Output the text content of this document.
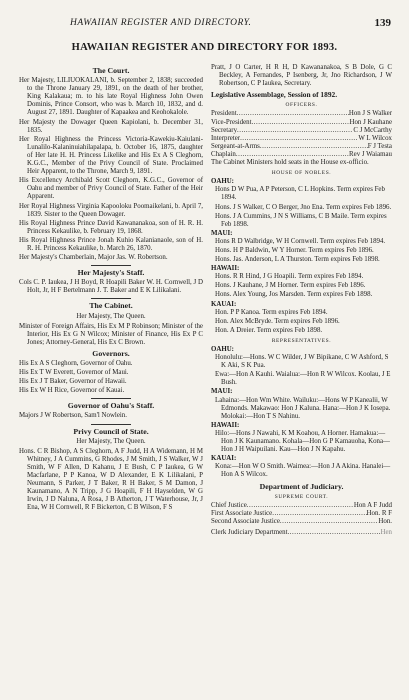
HAWAIIAN REGISTER AND DIRECTORY.	139
HAWAIIAN REGISTER AND DIRECTORY FOR 1893.
The Court.
Her Majesty, LILIUOKALANI, b. September 2, 1838; succeeded to the Throne January 29, 1891, on the death of her brother, King Kalakaua; m. to his late Royal Highness John Owen Dominis, Prince Consort, who was b. March 10, 1832, and d. August 27, 1891. Daughter of Kapaakea and Keohokalole.
Her Majesty the Dowager Queen Kapiolani, b. December 31, 1835.
Her Royal Highness the Princess Victoria-Kawekiu-Kaiulani-Lunalilo-Kalaninuiahilapalapa, b. October 16, 1875, daughter of Her late H. H. Princess Likelike and His Ex A S Cleghorn, K.G.C., Member of the Privy Council of State. Proclaimed Heir Apparent, to the Throne, March 9, 1891.
His Excellency Archibald Scott Cleghorn, K.G.C., Governor of Oahu and member of Privy Council of State. Father of the Heir Apparent.
Her Royal Highness Virginia Kapooloku Poomaikelani, b. April 7, 1839. Sister to the Queen Dowager.
His Royal Highness Prince David Kawananakoa, son of H. R. H. Princess Kekaulike, b. February 19, 1868.
His Royal Highness Prince Jonah Kuhio Kalanianaole, son of H. R. H. Princess Kekaulike, b. March 26, 1870.
Her Majesty's Chamberlain, Major Jas. W. Robertson.
Her Majesty's Staff.
Cols C. P. Iaukea, J H Boyd, R Hoapili Baker W. H. Cornwell, J D Holt, Jr, H F Bertelmann J. T. Baker and E K Lilikalani.
The Cabinet.
Her Majesty, The Queen.
Minister of Foreign Affairs, His Ex M P Robinson; Minister of the Interior, His Ex G N Wilcox; Minister of Finance, His Ex P C Jones; Attorney-General, His Ex C Brown.
Governors.
His Ex A S Cleghorn, Governor of Oahu.
His Ex T W Everett, Governor of Maui.
His Ex J T Baker, Governor of Hawaii.
His Ex W H Rice, Governor of Kauai.
Governor of Oahu's Staff.
Majors J W Robertson, Sam'l Nowlein.
Privy Council of State.
Her Majesty, The Queen.
Hons. C R Bishop, A S Cleghorn, A F Judd, H A Widemann, H M Whitney, J A Cummins, G Rhodes, J M Smith, J S Walker, W J Smith, W F Allen, D Kahanu, J E Bush, C P Iaukea, G W Macfarlane, P P Kanoa, W D Alexander, E K Lilikalani, P Neumann, S Parker, J T Baker, R H Baker, S M Damon, J Kaunamano, A N Tripp, J G Hoapili, F H Hayselden, W G Irwin, J D Naluna, A Rosa, J B Atherton, J T Waterhouse, Jr, J Ena, W H Cornwell, R F Bickerton, C B Wilson, F S
Pratt, J O Carter, H R H, D Kawananakoa, S B Dole, G C Beckley, A Fernandes, P Isenberg, Jr, Jno Richardson, J W Robertson, C P Iaukea, Secretary.
Legislative Assemblage, Session of 1892.
OFFICERS.
President .....	Hon J S Walker
Vice-President .....	Hon J Kauhane
Secretary .....	C J McCarthy
Interpreter .....	W L Wilcox
Sergeant-at-Arms .....	F J Testa
Chaplain .....	Rev J Waiamau
The Cabinet Ministers hold seats in the House ex-officio.
HOUSE OF NOBLES.
OAHU:
Hons D W Pua, A P Peterson, C L Hopkins. Term expires Feb 1894.
Hons. J S Walker, C O Berger, Jno Ena. Term expires Feb 1896.
Hons. J A Cummins, J N S Williams, C B Maile. Term expires Feb 1898.
MAUI:
Hons R D Walbridge, W H Cornwell. Term expires Feb 1894.
Hons. H P Baldwin, W Y Horner. Term expires Feb 1896.
Hons. Jas. Anderson, L A Thurston. Term expires Feb 1898.
HAWAII:
Hons. R R Hind, J G Hoapili. Term expires Feb 1894.
Hons. J Kauhane, J M Horner. Term expires Feb 1896.
Hons. Alex Young, Jos Marsden. Term expires Feb 1898.
KAUAI:
Hon. P P Kanoa. Term expires Feb 1894.
Hon. Alex McBryde. Term expires Feb 1896.
Hon. A Dreier. Term expires Feb 1898.
REPRESENTATIVES.
OAHU:
Honolulu:—Hons. W C Wilder, J W Bipikane, C W Ashford, S K Aki, S K Pua.
Ewa:—Hon A Kauhi. Waialua:—Hon R W Wilcox. Koolau, J E Bush.
MAUI:
Lahaina:—Hon Wm White. Wailuku:—Hons W P Kanealii, W Edmonds. Makawao: Hon J Kaluna. Hana:—Hon J K Iosepa. Molokai:—Hon T S Nahinu.
HAWAII:
Hilo:—Hons J Nawahi, K M Koahou, A Horner. Hamakua:—Hon J K Kaunamano. Kohala—Hon G P Kamauoha, Kona—Hon J H Waipuilani. Kau—Hon J N Kapahu.
KAUAI:
Kona:—Hon W O Smith. Waimea:—Hon J A Akina. Hanalei—Hon A S Wilcox.
Department of Judiciary.
SUPREME COURT.
Chief Justice .....	Hon A F Judd
First Associate Justice .....	Hon. R F
Second Associate Justice .....	Hon.
Clerk Judiciary Department .....	Hen
